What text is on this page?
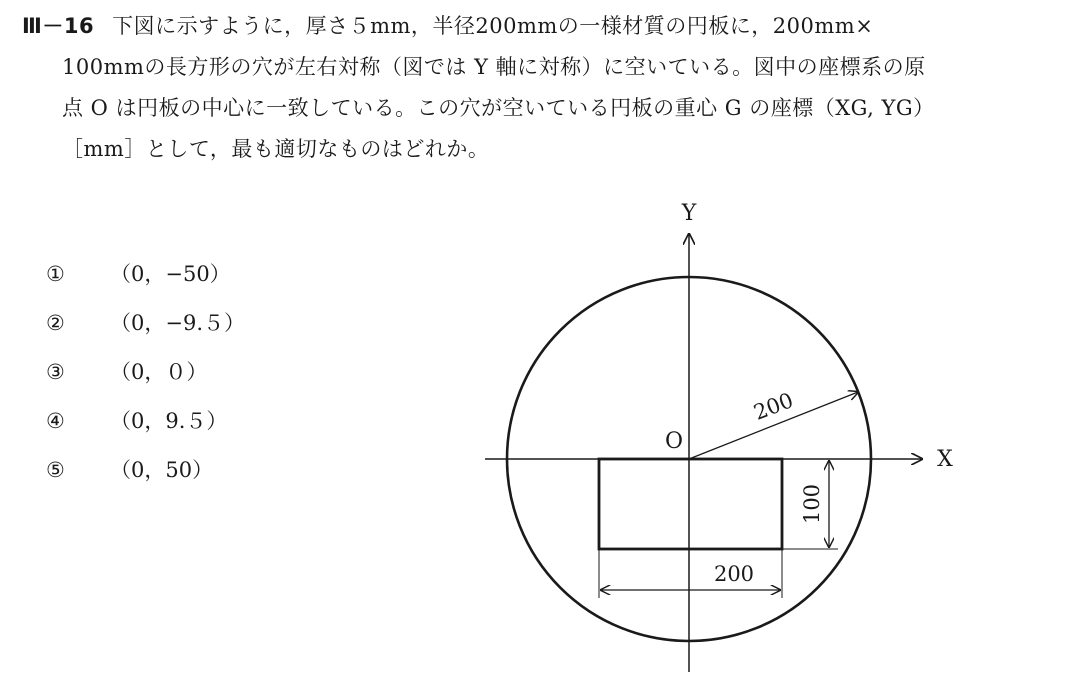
Ⅲ－16 下図に示すように，厚さ５mm，半径200mmの一様材質の円板に，200mm×
100mmの長方形の穴が左右対称（図では Y 軸に対称）に空いている。図中の座標系の原
点 O は円板の中心に一致している。この穴が空いている円板の重心 G の座標（XG, YG）
［mm］として，最も適切なものはどれか。
① （0，−50）
② （0，−9.５）
③ （0，０）
④ （0，9.５）
⑤ （0，50）
Y
X
O
200
200
100
